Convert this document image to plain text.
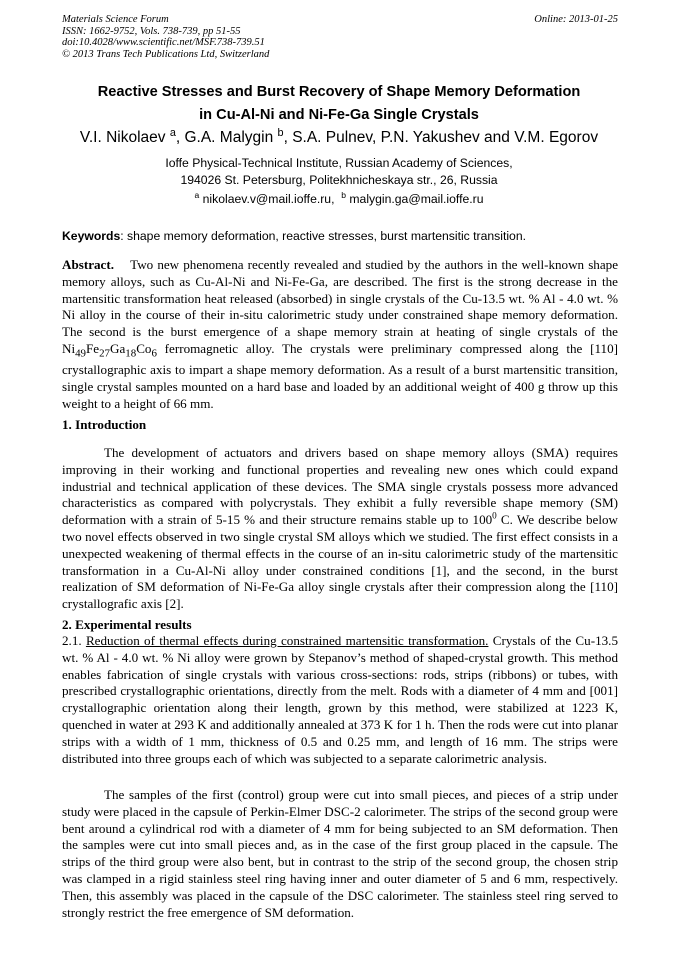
Materials Science Forum
ISSN: 1662-9752, Vols. 738-739, pp 51-55
doi:10.4028/www.scientific.net/MSF.738-739.51
© 2013 Trans Tech Publications Ltd, Switzerland
Online: 2013-01-25
Reactive Stresses and Burst Recovery of Shape Memory Deformation
in Cu-Al-Ni and Ni-Fe-Ga Single Crystals
V.I. Nikolaev $^a$, G.A. Malygin $^b$, S.A. Pulnev, P.N. Yakushev and V.M. Egorov
Ioffe Physical-Technical Institute, Russian Academy of Sciences,
194026 St. Petersburg, Politekhnicheskaya str., 26, Russia
$^a$ nikolaev.v@mail.ioffe.ru, $^b$ malygin.ga@mail.ioffe.ru
Keywords: shape memory deformation, reactive stresses, burst martensitic transition.
Abstract. Two new phenomena recently revealed and studied by the authors in the well-known shape memory alloys, such as Cu-Al-Ni and Ni-Fe-Ga, are described. The first is the strong decrease in the martensitic transformation heat released (absorbed) in single crystals of the Cu-13.5 wt. % Al - 4.0 wt. % Ni alloy in the course of their in-situ calorimetric study under constrained shape memory deformation. The second is the burst emergence of a shape memory strain at heating of single crystals of the $Ni_{49}Fe_{27}Ga_{18}Co_6$ ferromagnetic alloy. The crystals were preliminary compressed along the [110] crystallographic axis to impart a shape memory deformation. As a result of a burst martensitic transition, single crystal samples mounted on a hard base and loaded by an additional weight of 400 g throw up this weight to a height of 66 mm.
1. Introduction
The development of actuators and drivers based on shape memory alloys (SMA) requires improving in their working and functional properties and revealing new ones which could expand industrial and technical application of these devices. The SMA single crystals possess more advanced characteristics as compared with polycrystals. They exhibit a fully reversible shape memory (SM) deformation with a strain of 5-15 % and their structure remains stable up to $100^0$ C. We describe below two novel effects observed in two single crystal SM alloys which we studied. The first effect consists in a unexpected weakening of thermal effects in the course of an in-situ calorimetric study of the martensitic transformation in a Cu-Al-Ni alloy under constrained conditions [1], and the second, in the burst realization of SM deformation of Ni-Fe-Ga alloy single crystals after their compression along the [110] crystallografic axis [2].
2. Experimental results
2.1. Reduction of thermal effects during constrained martensitic transformation. Crystals of the Cu-13.5 wt. % Al - 4.0 wt. % Ni alloy were grown by Stepanov’s method of shaped-crystal growth. This method enables fabrication of single crystals with various cross-sections: rods, strips (ribbons) or tubes, with prescribed crystallographic orientations, directly from the melt. Rods with a diameter of 4 mm and [001] crystallographic orientation along their length, grown by this method, were stabilized at 1223 K, quenched in water at 293 K and additionally annealed at 373 K for 1 h. Then the rods were cut into planar strips with a width of 1 mm, thickness of 0.5 and 0.25 mm, and length of 16 mm. The strips were distributed into three groups each of which was subjected to a separate calorimetric analysis.
The samples of the first (control) group were cut into small pieces, and pieces of a strip under study were placed in the capsule of Perkin-Elmer DSC-2 calorimeter. The strips of the second group were bent around a cylindrical rod with a diameter of 4 mm for being subjected to an SM deformation. Then the samples were cut into small pieces and, as in the case of the first group placed in the capsule. The strips of the third group were also bent, but in contrast to the strip of the second group, the chosen strip was clamped in a rigid stainless steel ring having inner and outer diameter of 5 and 6 mm, respectively. Then, this assembly was placed in the capsule of the DSC calorimeter. The stainless steel ring served to strongly restrict the free emergence of SM deformation.
